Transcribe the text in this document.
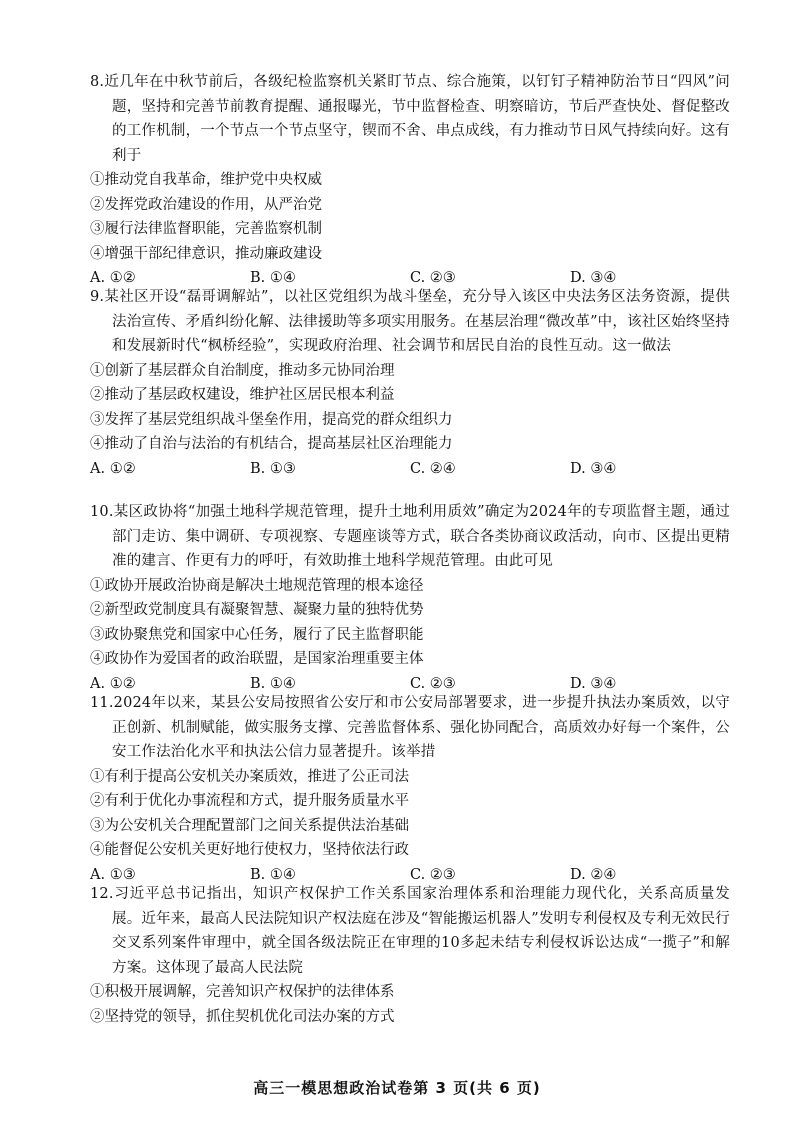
8.近几年在中秋节前后，各级纪检监察机关紧盯节点、综合施策，以钉钉子精神防治节日“四风”问题，坚持和完善节前教育提醒、通报曝光，节中监督检查、明察暗访，节后严查快处、督促整改的工作机制，一个节点一个节点坚守，锲而不舍、串点成线，有力推动节日风气持续向好。这有利于

①推动党自我革命，维护党中央权威

②发挥党政治建设的作用，从严治党

③履行法律监督职能，完善监察机制

④增强干部纪律意识，推动廉政建设

A. ①②	B. ①④	C. ②③	D. ③④

9.某社区开设“磊哥调解站”，以社区党组织为战斗堡垒，充分导入该区中央法务区法务资源，提供法治宣传、矛盾纠纷化解、法律援助等多项实用服务。在基层治理“微改革”中，该社区始终坚持和发展新时代“枫桥经验”，实现政府治理、社会调节和居民自治的良性互动。这一做法

①创新了基层群众自治制度，推动多元协同治理

②推动了基层政权建设，维护社区居民根本利益

③发挥了基层党组织战斗堡垒作用，提高党的群众组织力

④推动了自治与法治的有机结合，提高基层社区治理能力

A. ①②	B. ①③	C. ②④	D. ③④

10.某区政协将“加强土地科学规范管理，提升土地利用质效”确定为2024年的专项监督主题，通过部门走访、集中调研、专项视察、专题座谈等方式，联合各类协商议政活动，向市、区提出更精准的建言、作更有力的呼吁，有效助推土地科学规范管理。由此可见

①政协开展政治协商是解决土地规范管理的根本途径

②新型政党制度具有凝聚智慧、凝聚力量的独特优势

③政协聚焦党和国家中心任务，履行了民主监督职能

④政协作为爱国者的政治联盟，是国家治理重要主体

A. ①②	B. ①④	C. ②③	D. ③④

11.2024年以来，某县公安局按照省公安厅和市公安局部署要求，进一步提升执法办案质效，以守正创新、机制赋能，做实服务支撑、完善监督体系、强化协同配合，高质效办好每一个案件，公安工作法治化水平和执法公信力显著提升。该举措

①有利于提高公安机关办案质效，推进了公正司法

②有利于优化办事流程和方式，提升服务质量水平

③为公安机关合理配置部门之间关系提供法治基础

④能督促公安机关更好地行使权力，坚持依法行政

A. ①③	B. ①④	C. ②③	D. ②④

12.习近平总书记指出，知识产权保护工作关系国家治理体系和治理能力现代化，关系高质量发展。近年来，最高人民法院知识产权法庭在涉及“智能搬运机器人”发明专利侵权及专利无效民行交叉系列案件审理中，就全国各级法院正在审理的10多起未结专利侵权诉讼达成“一揽子”和解方案。这体现了最高人民法院

①积极开展调解，完善知识产权保护的法律体系

②坚持党的领导，抓住契机优化司法办案的方式

高三一模思想政治试卷第 3 页(共 6 页)
